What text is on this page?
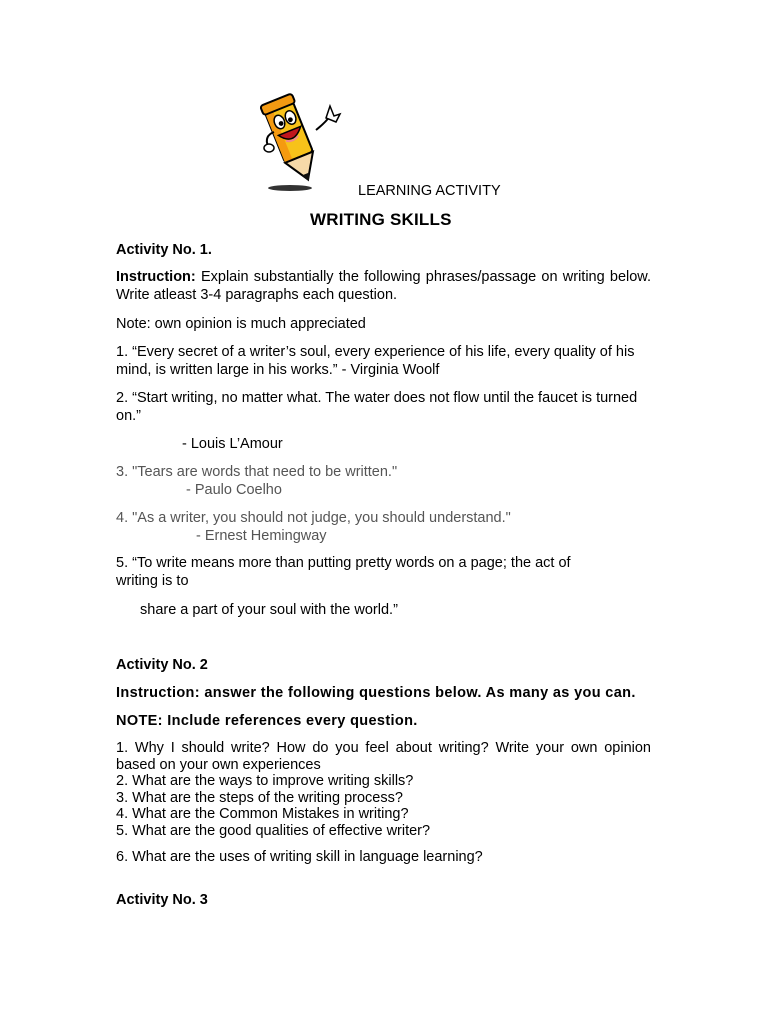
LEARNING ACTIVITY

WRITING SKILLS

Activity No. 1.

Instruction: Explain substantially the following phrases/passage on writing below. Write atleast 3-4 paragraphs each question.

Note: own opinion is much appreciated

1. “Every secret of a writer’s soul, every experience of his life, every quality of his mind, is written large in his works.” - Virginia Woolf

2. “Start writing, no matter what. The water does not flow until the faucet is turned on.”

- Louis L’Amour

3. "Tears are words that need to be written."

- Paulo Coelho

4. "As a writer, you should not judge, you should understand."

- Ernest Hemingway

5. “To write means more than putting pretty words on a page; the act of writing is to

share a part of your soul with the world.”

Activity No. 2

Instruction: answer the following questions below. As many as you can.

NOTE: Include references every question.

1. Why I should write? How do you feel about writing? Write your own opinion based on your own experiences
2. What are the ways to improve writing skills?
3. What are the steps of the writing process?
4. What are the Common Mistakes in writing?
5. What are the good qualities of effective writer?

6. What are the uses of writing skill in language learning?

Activity No. 3
